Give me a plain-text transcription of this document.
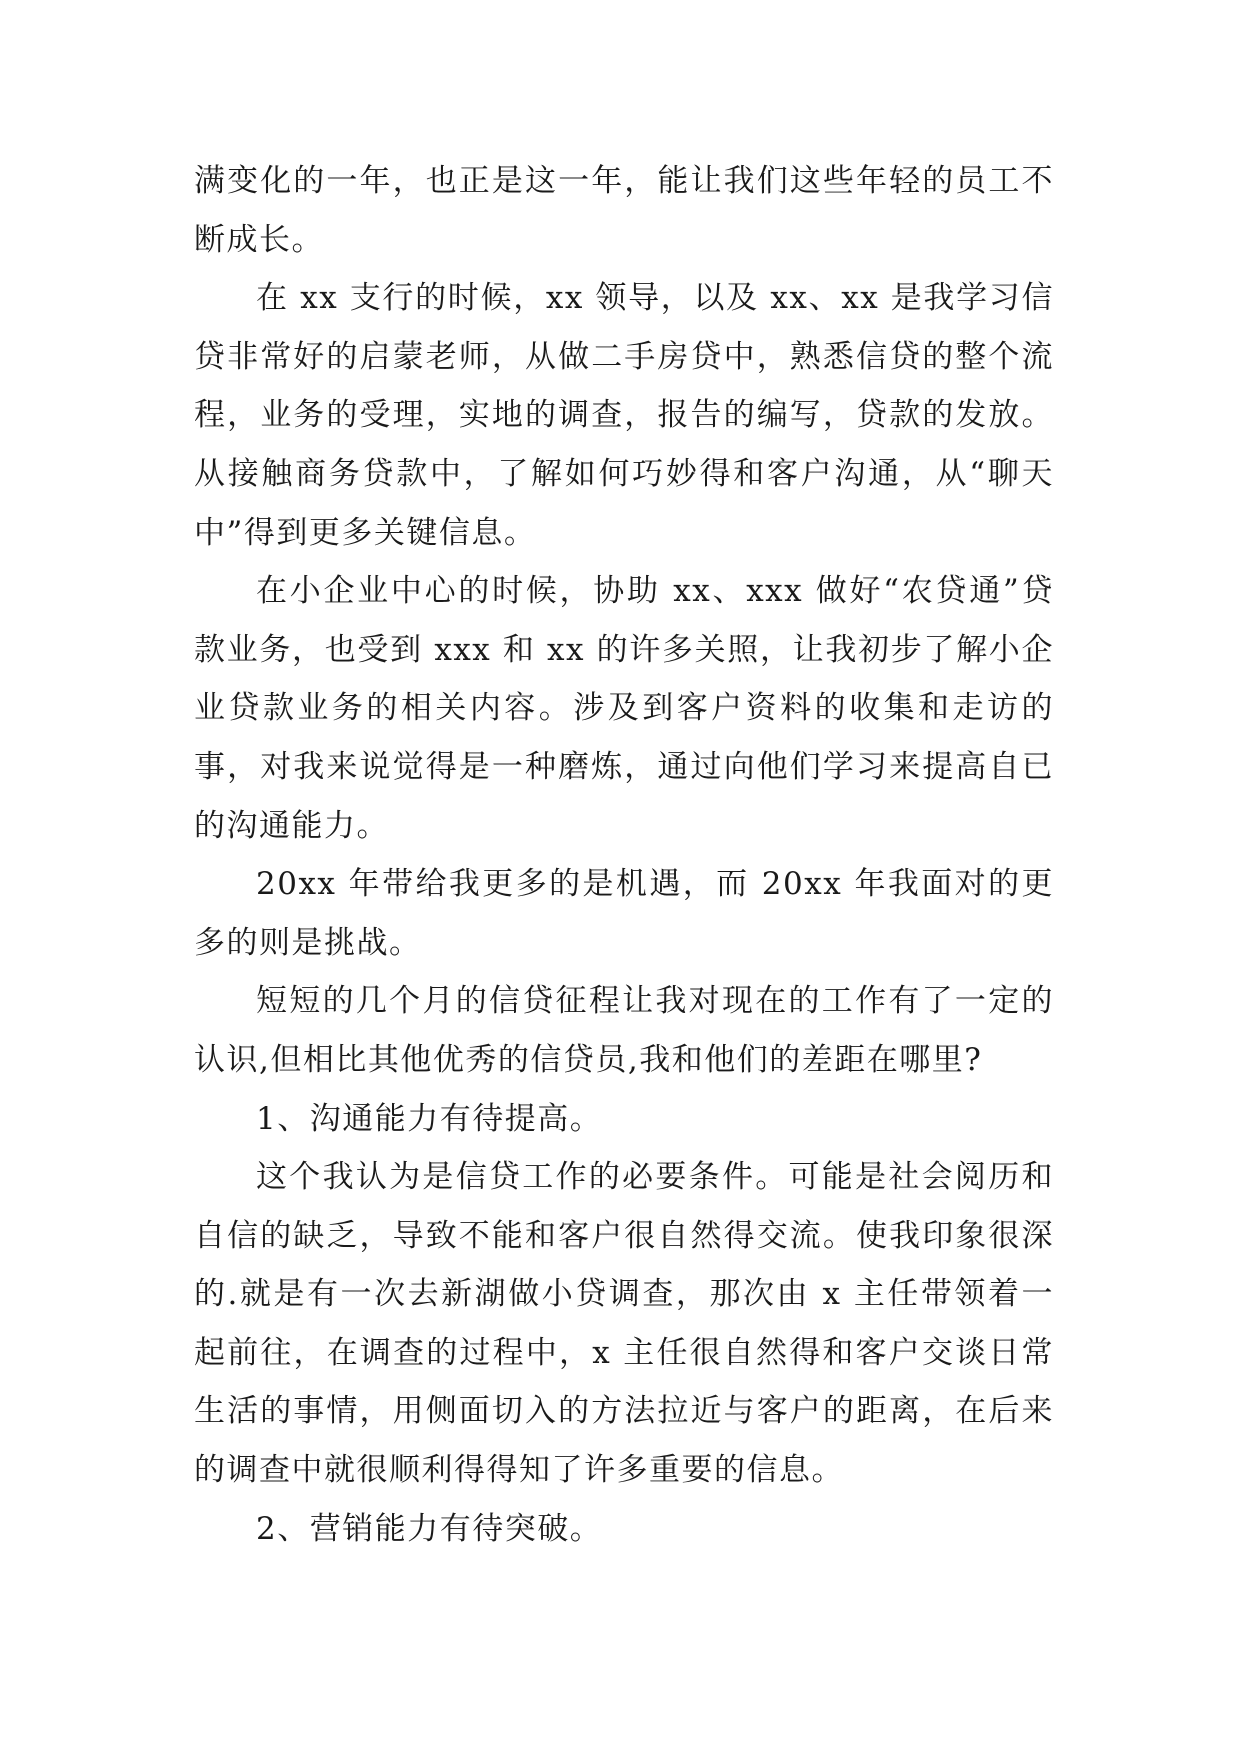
满变化的一年，也正是这一年，能让我们这些年轻的员工不断成长。

在 xx 支行的时候，xx 领导，以及 xx、xx 是我学习信贷非常好的启蒙老师，从做二手房贷中，熟悉信贷的整个流程，业务的受理，实地的调查，报告的编写，贷款的发放。从接触商务贷款中，了解如何巧妙得和客户沟通，从“聊天中”得到更多关键信息。

在小企业中心的时候，协助 xx、xxx 做好“农贷通”贷款业务，也受到 xxx 和 xx 的许多关照，让我初步了解小企业贷款业务的相关内容。涉及到客户资料的收集和走访的事，对我来说觉得是一种磨炼，通过向他们学习来提高自已的沟通能力。

20xx 年带给我更多的是机遇，而 20xx 年我面对的更多的则是挑战。

短短的几个月的信贷征程让我对现在的工作有了一定的认识,但相比其他优秀的信贷员,我和他们的差距在哪里?

1、沟通能力有待提高。

这个我认为是信贷工作的必要条件。可能是社会阅历和自信的缺乏，导致不能和客户很自然得交流。使我印象很深的.就是有一次去新湖做小贷调查，那次由 x 主任带领着一起前往，在调查的过程中，x 主任很自然得和客户交谈日常生活的事情，用侧面切入的方法拉近与客户的距离，在后来的调查中就很顺利得得知了许多重要的信息。

2、营销能力有待突破。
